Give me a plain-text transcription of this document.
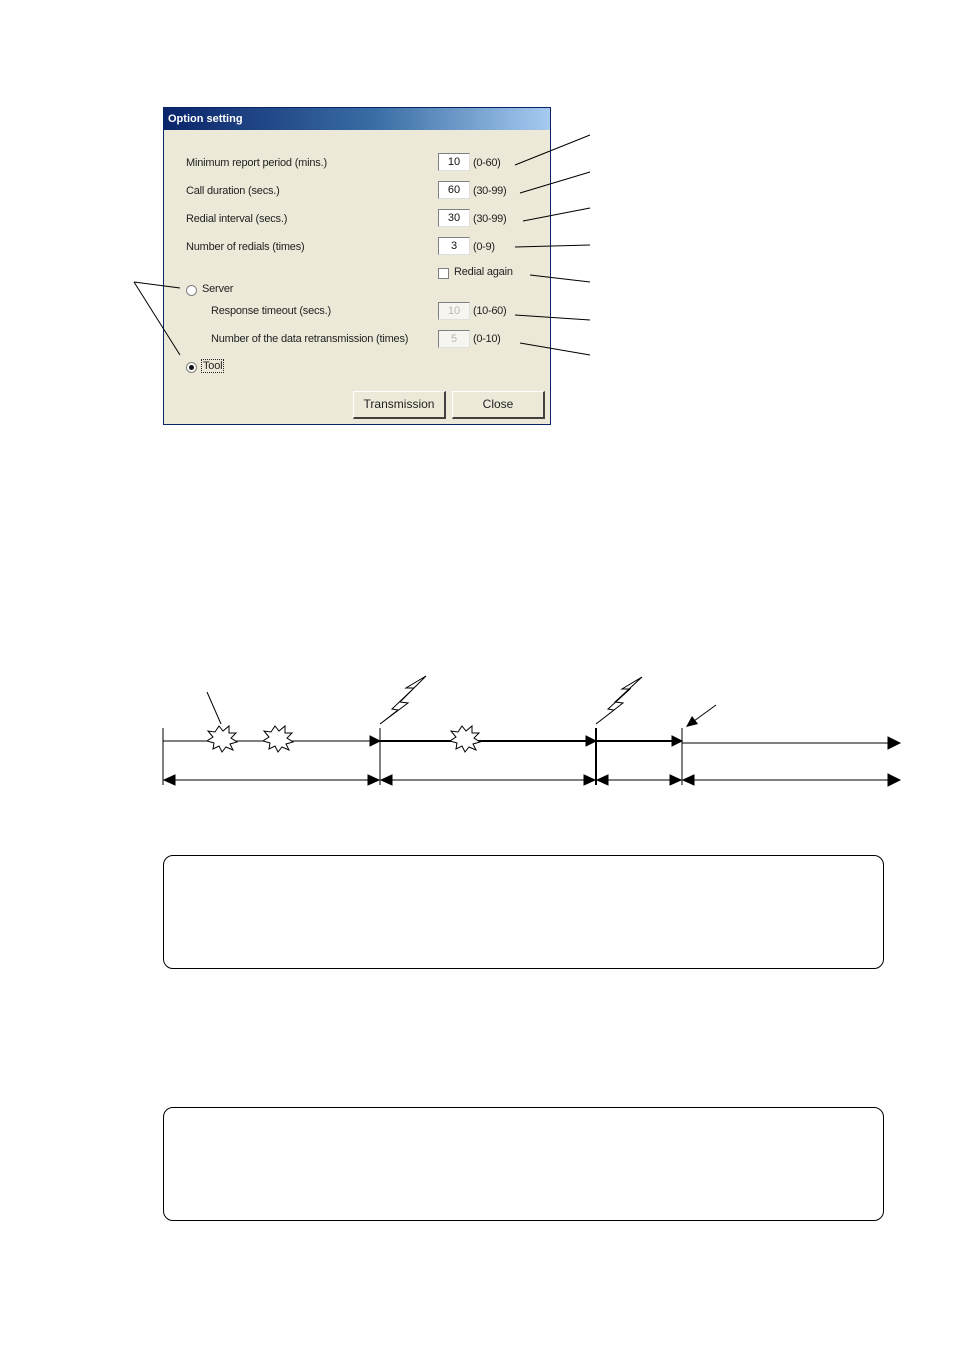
Option setting
Minimum report period (mins.)	10	(0-60)
Call duration (secs.)	60	(30-99)
Redial interval (secs.)	30	(30-99)
Number of redials (times)	3	(0-9)
Redial again
Server
Response timeout (secs.)	10	(10-60)
Number of the data retransmission (times)	5	(0-10)
Tool
Transmission	Close
